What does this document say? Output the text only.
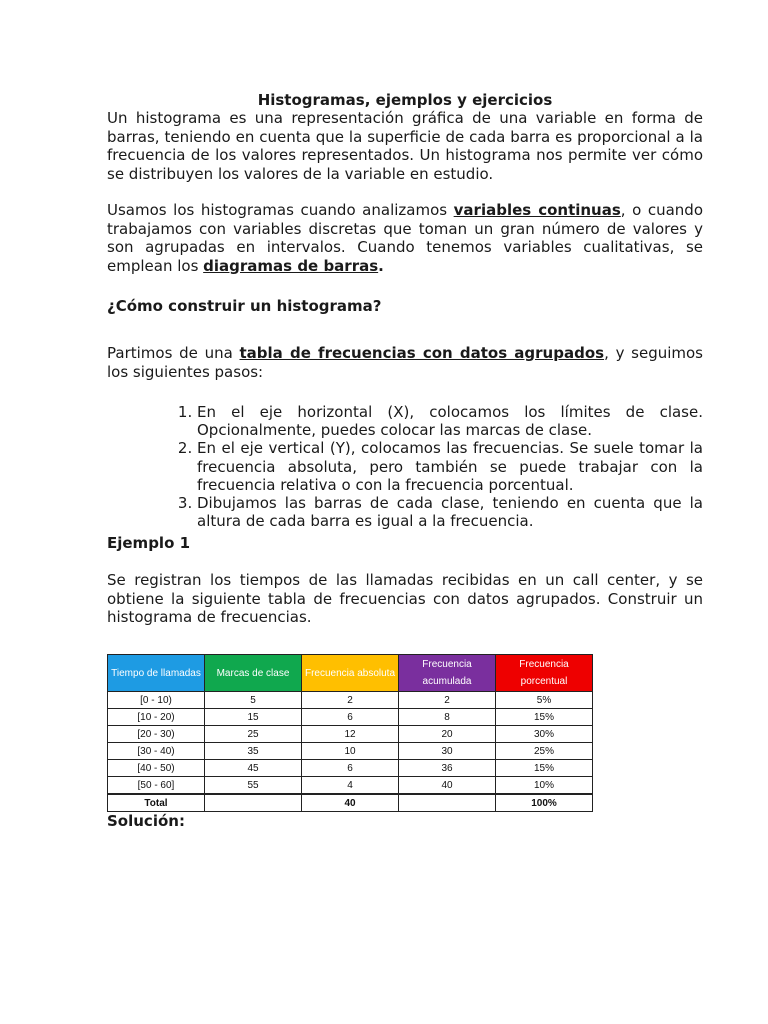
Histogramas, ejemplos y ejercicios

Un histograma es una representación gráfica de una variable en forma de barras, teniendo en cuenta que la superficie de cada barra es proporcional a la frecuencia de los valores representados. Un histograma nos permite ver cómo se distribuyen los valores de la variable en estudio.

Usamos los histogramas cuando analizamos variables continuas, o cuando trabajamos con variables discretas que toman un gran número de valores y son agrupadas en intervalos. Cuando tenemos variables cualitativas, se emplean los diagramas de barras.

¿Cómo construir un histograma?

Partimos de una tabla de frecuencias con datos agrupados, y seguimos los siguientes pasos:

1. En el eje horizontal (X), colocamos los límites de clase. Opcionalmente, puedes colocar las marcas de clase.
2. En el eje vertical (Y), colocamos las frecuencias. Se suele tomar la frecuencia absoluta, pero también se puede trabajar con la frecuencia relativa o con la frecuencia porcentual.
3. Dibujamos las barras de cada clase, teniendo en cuenta que la altura de cada barra es igual a la frecuencia.
Ejemplo 1

Se registran los tiempos de las llamadas recibidas en un call center, y se obtiene la siguiente tabla de frecuencias con datos agrupados. Construir un histograma de frecuencias.

Tiempo de llamadas	Marcas de clase	Frecuencia absoluta	Frecuencia acumulada	Frecuencia porcentual
[0 - 10)	5	2	2	5%
[10 - 20)	15	6	8	15%
[20 - 30)	25	12	20	30%
[30 - 40)	35	10	30	25%
[40 - 50)	45	6	36	15%
[50 - 60]	55	4	40	10%
Total		40		100%
Solución:
